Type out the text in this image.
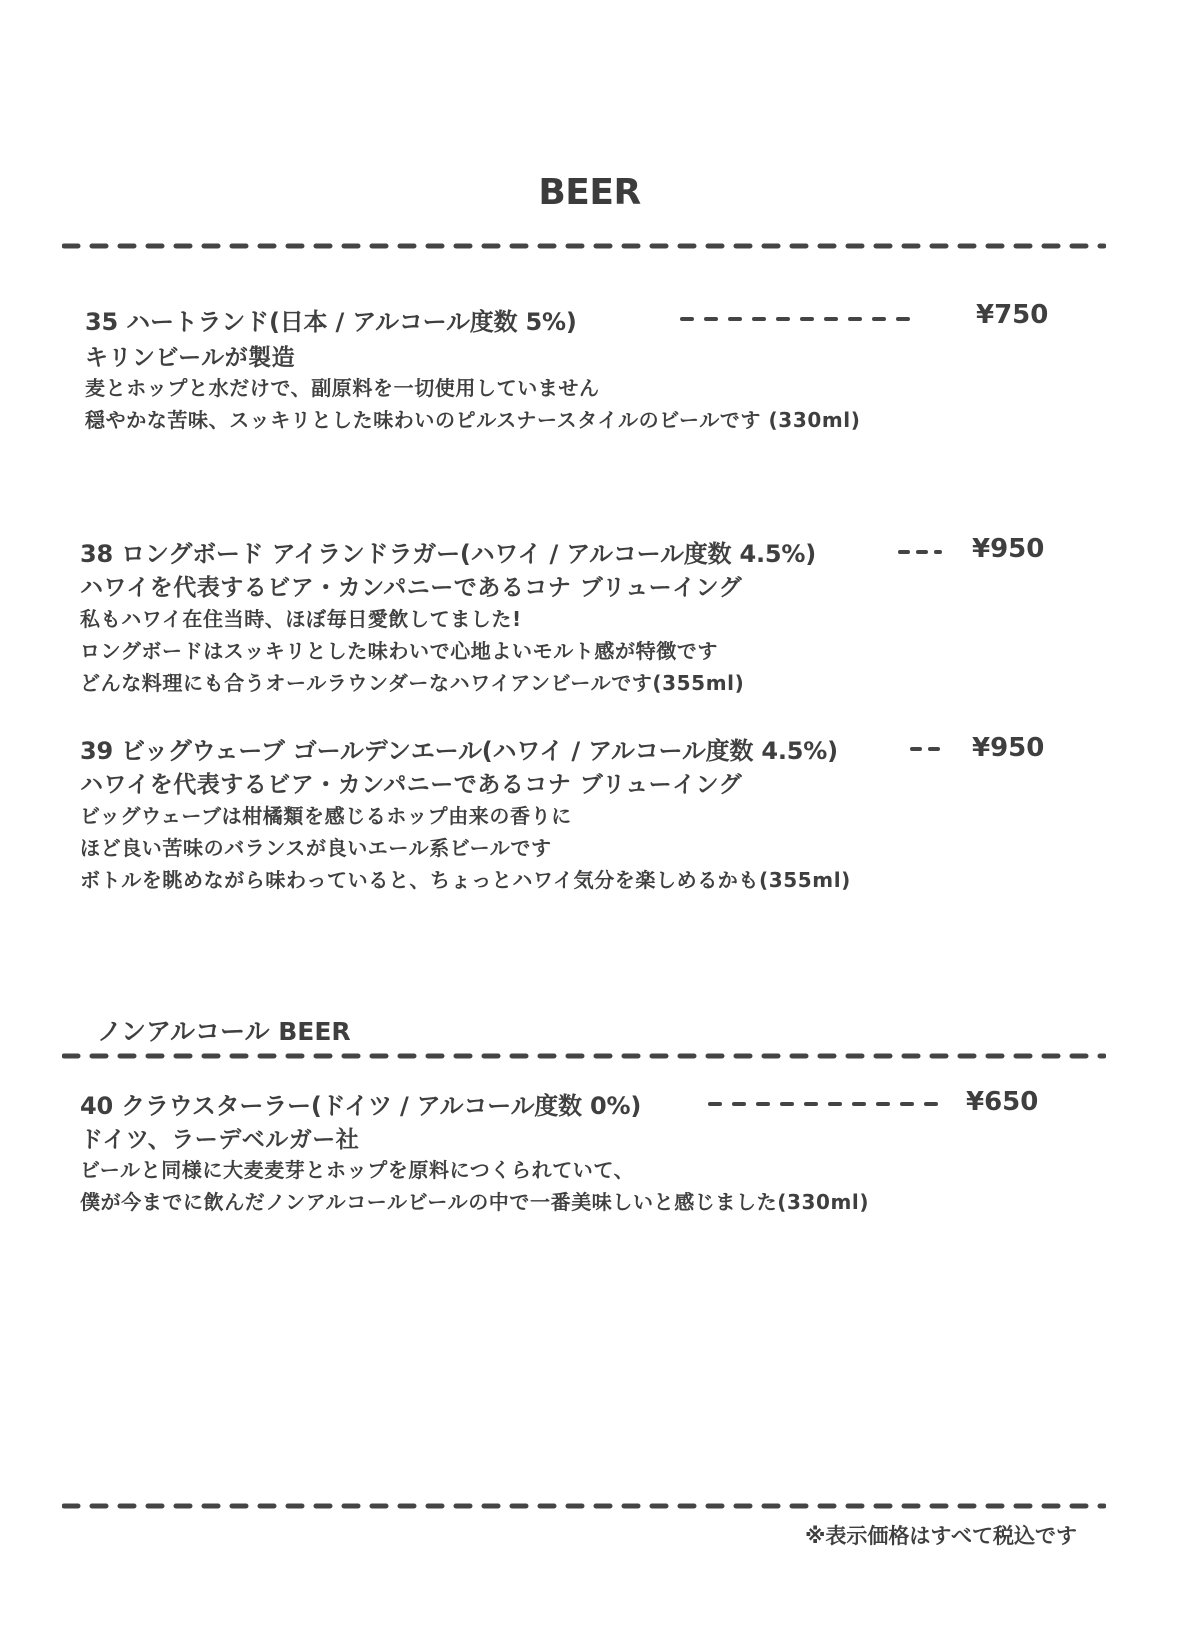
BEER
35 ハートランド(日本 / アルコール度数 5%)	¥750
キリンビールが製造
麦とホップと水だけで、副原料を一切使用していません
穏やかな苦味、スッキリとした味わいのピルスナースタイルのビールです (330ml)
38 ロングボード アイランドラガー(ハワイ / アルコール度数 4.5%)	¥950
ハワイを代表するビア・カンパニーであるコナ ブリューイング
私もハワイ在住当時、ほぼ毎日愛飲してました!
ロングボードはスッキリとした味わいで心地よいモルト感が特徴です
どんな料理にも合うオールラウンダーなハワイアンビールです(355ml)
39 ビッグウェーブ ゴールデンエール(ハワイ / アルコール度数 4.5%)	¥950
ハワイを代表するビア・カンパニーであるコナ ブリューイング
ビッグウェーブは柑橘類を感じるホップ由来の香りに
ほど良い苦味のバランスが良いエール系ビールです
ボトルを眺めながら味わっていると、ちょっとハワイ気分を楽しめるかも(355ml)
ノンアルコール BEER
40 クラウスターラー(ドイツ / アルコール度数 0%)	¥650
ドイツ、ラーデベルガー社
ビールと同様に大麦麦芽とホップを原料につくられていて、
僕が今までに飲んだノンアルコールビールの中で一番美味しいと感じました(330ml)
※表示価格はすべて税込です
